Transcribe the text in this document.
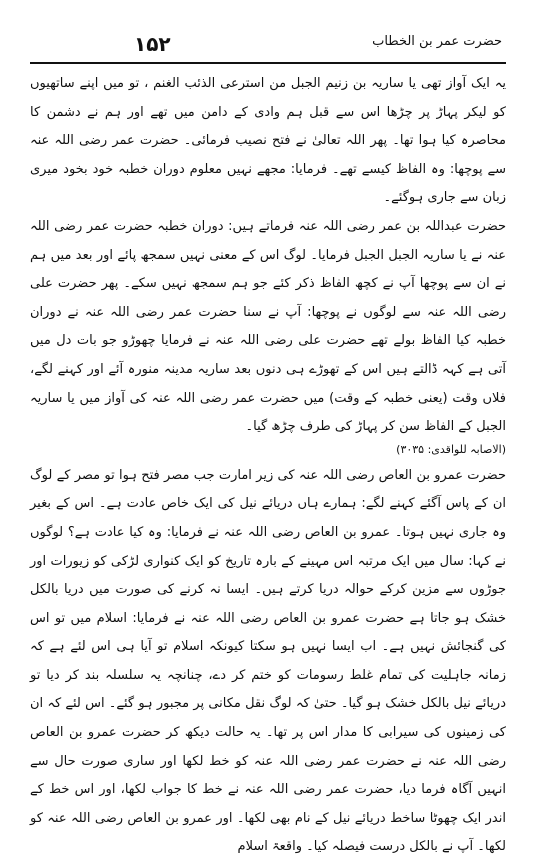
۱۵۲	حضرت عمر بن الخطاب

یہ ایک آواز تھی یا ساریہ بن زنیم الجبل من استرعی الذئب الغنم ، تو میں اپنے ساتھیوں کو لیکر پہاڑ پر چڑھا اس سے قبل ہم وادی کے دامن میں تھے اور ہم نے دشمن کا محاصرہ کیا ہوا تھا۔ پھر اللہ تعالیٰ نے فتح نصیب فرمائی۔ حضرت عمر رضی اللہ عنہ سے پوچھا: وہ الفاظ کیسے تھے۔ فرمایا: مجھے نہیں معلوم دوران خطبہ خود بخود میری زبان سے جاری ہوگئے۔

حضرت عبداللہ بن عمر رضی اللہ عنہ فرماتے ہیں: دوران خطبہ حضرت عمر رضی اللہ عنہ نے یا ساریہ الجبل الجبل فرمایا۔ لوگ اس کے معنی نہیں سمجھ پائے اور بعد میں ہم نے ان سے پوچھا آپ نے کچھ الفاظ ذکر کئے جو ہم سمجھ نہیں سکے۔ پھر حضرت علی رضی اللہ عنہ سے لوگوں نے پوچھا: آپ نے سنا حضرت عمر رضی اللہ عنہ نے دوران خطبہ کیا الفاظ بولے تھے حضرت علی رضی اللہ عنہ نے فرمایا چھوڑو جو بات دل میں آتی ہے کہہ ڈالتے ہیں اس کے تھوڑے ہی دنوں بعد ساریہ مدینہ منورہ آئے اور کہنے لگے، فلاں وقت (یعنی خطبہ کے وقت) میں حضرت عمر رضی اللہ عنہ کی آواز میں یا ساریہ الجبل کے الفاظ سن کر پہاڑ کی طرف چڑھ گیا۔

(الاصابہ للواقدی: ۳۰۳۵)

حضرت عمرو بن العاص رضی اللہ عنہ کی زیر امارت جب مصر فتح ہوا تو مصر کے لوگ ان کے پاس آگئے کہنے لگے: ہمارے ہاں دریائے نیل کی ایک خاص عادت ہے۔ اس کے بغیر وہ جاری نہیں ہوتا۔ عمرو بن العاص رضی اللہ عنہ نے فرمایا: وہ کیا عادت ہے؟ لوگوں نے کہا: سال میں ایک مرتبہ اس مہینے کے بارہ تاریخ کو ایک کنواری لڑکی کو زیورات اور جوڑوں سے مزین کرکے حوالہ دریا کرتے ہیں۔ ایسا نہ کرنے کی صورت میں دریا بالکل خشک ہو جاتا ہے حضرت عمرو بن العاص رضی اللہ عنہ نے فرمایا: اسلام میں تو اس کی گنجائش نہیں ہے۔ اب ایسا نہیں ہو سکتا کیونکہ اسلام تو آیا ہی اس لئے ہے کہ زمانہ جاہلیت کی تمام غلط رسومات کو ختم کر دے، چنانچہ یہ سلسلہ بند کر دیا تو دریائے نیل بالکل خشک ہو گیا۔ حتیٰ کہ لوگ نقل مکانی پر مجبور ہو گئے۔ اس لئے کہ ان کی زمینوں کی سیرابی کا مدار اس پر تھا۔ یہ حالت دیکھ کر حضرت عمرو بن العاص رضی اللہ عنہ نے حضرت عمر رضی اللہ عنہ کو خط لکھا اور ساری صورت حال سے انہیں آگاہ فرما دیا، حضرت عمر رضی اللہ عنہ نے خط کا جواب لکھا، اور اس خط کے اندر ایک چھوٹا ساخط دریائے نیل کے نام بھی لکھا۔ اور عمرو بن العاص رضی اللہ عنہ کو لکھا۔ آپ نے بالکل درست فیصلہ کیا۔ واقعۃ اسلام
